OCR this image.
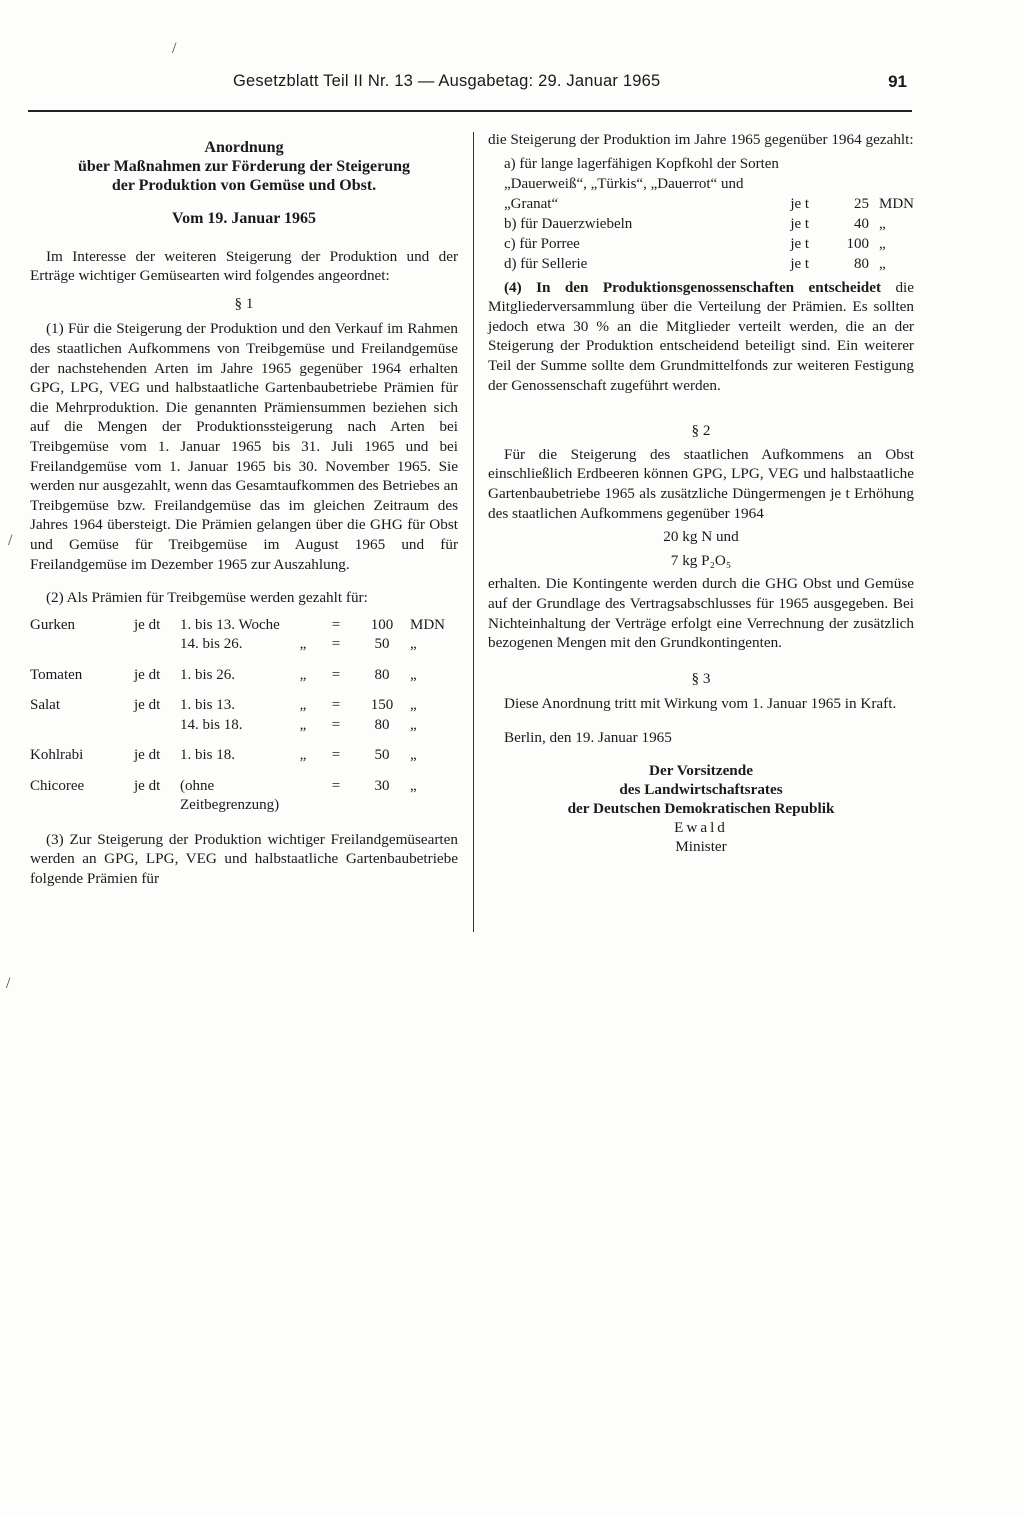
Gesetzblatt Teil II Nr. 13 — Ausgabetag: 29. Januar 1965	91

Anordnung

über Maßnahmen zur Förderung der Steigerung

der Produktion von Gemüse und Obst.

Vom 19. Januar 1965

Im Interesse der weiteren Steigerung der Produktion und der Erträge wichtiger Gemüsearten wird folgendes angeordnet:

§ 1

(1) Für die Steigerung der Produktion und den Verkauf im Rahmen des staatlichen Aufkommens von Treibgemüse und Freilandgemüse der nachstehenden Arten im Jahre 1965 gegenüber 1964 erhalten GPG, LPG, VEG und halbstaatliche Gartenbaubetriebe Prämien für die Mehrproduktion. Die genannten Prämiensummen beziehen sich auf die Mengen der Produktionssteigerung nach Arten bei Treibgemüse vom 1. Januar 1965 bis 31. Juli 1965 und bei Freilandgemüse vom 1. Januar 1965 bis 30. November 1965. Sie werden nur ausgezahlt, wenn das Gesamtaufkommen des Betriebes an Treibgemüse bzw. Freilandgemüse das im gleichen Zeitraum des Jahres 1964 übersteigt. Die Prämien gelangen über die GHG für Obst und Gemüse für Treibgemüse im August 1965 und für Freilandgemüse im Dezember 1965 zur Auszahlung.

(2) Als Prämien für Treibgemüse werden gezahlt für:

Gurken	je dt	1. bis 13. Woche		=	100	MDN
		14. bis 26.	„	=	50	„

Tomaten	je dt	1. bis 26.	„	=	80	„

Salat	je dt	1. bis 13.	„	=	150	„
		14. bis 18.	„	=	80	„

Kohlrabi	je dt	1. bis 18.	„	=	50	„

Chicoree	je dt	(ohne Zeitbegrenzung)		=	30	„

(3) Zur Steigerung der Produktion wichtiger Freilandgemüsearten werden an GPG, LPG, VEG und halbstaatliche Gartenbaubetriebe folgende Prämien für

die Steigerung der Produktion im Jahre 1965 gegenüber 1964 gezahlt:

a) für lange lagerfähigen Kopfkohl der Sorten „Dauerweiß“, „Türkis“, „Dauerrot“ und „Granat“	je t	25	MDN
b) für Dauerzwiebeln	je t	40	„
c) für Porree	je t	100	„
d) für Sellerie	je t	80	„

(4) In den Produktionsgenossenschaften entscheidet die Mitgliederversammlung über die Verteilung der Prämien. Es sollten jedoch etwa 30 % an die Mitglieder verteilt werden, die an der Steigerung der Produktion entscheidend beteiligt sind. Ein weiterer Teil der Summe sollte dem Grundmittelfonds zur weiteren Festigung der Genossenschaft zugeführt werden.

§ 2

Für die Steigerung des staatlichen Aufkommens an Obst einschließlich Erdbeeren können GPG, LPG, VEG und halbstaatliche Gartenbaubetriebe 1965 als zusätzliche Düngermengen je t Erhöhung des staatlichen Aufkommens gegenüber 1964

20 kg N und

7 kg P₂O₅

erhalten. Die Kontingente werden durch die GHG Obst und Gemüse auf der Grundlage des Vertragsabschlusses für 1965 ausgegeben. Bei Nichteinhaltung der Verträge erfolgt eine Verrechnung der zusätzlich bezogenen Mengen mit den Grundkontingenten.

§ 3

Diese Anordnung tritt mit Wirkung vom 1. Januar 1965 in Kraft.

Berlin, den 19. Januar 1965

Der Vorsitzende
des Landwirtschaftsrates
der Deutschen Demokratischen Republik
Ewald
Minister
/
/
/
